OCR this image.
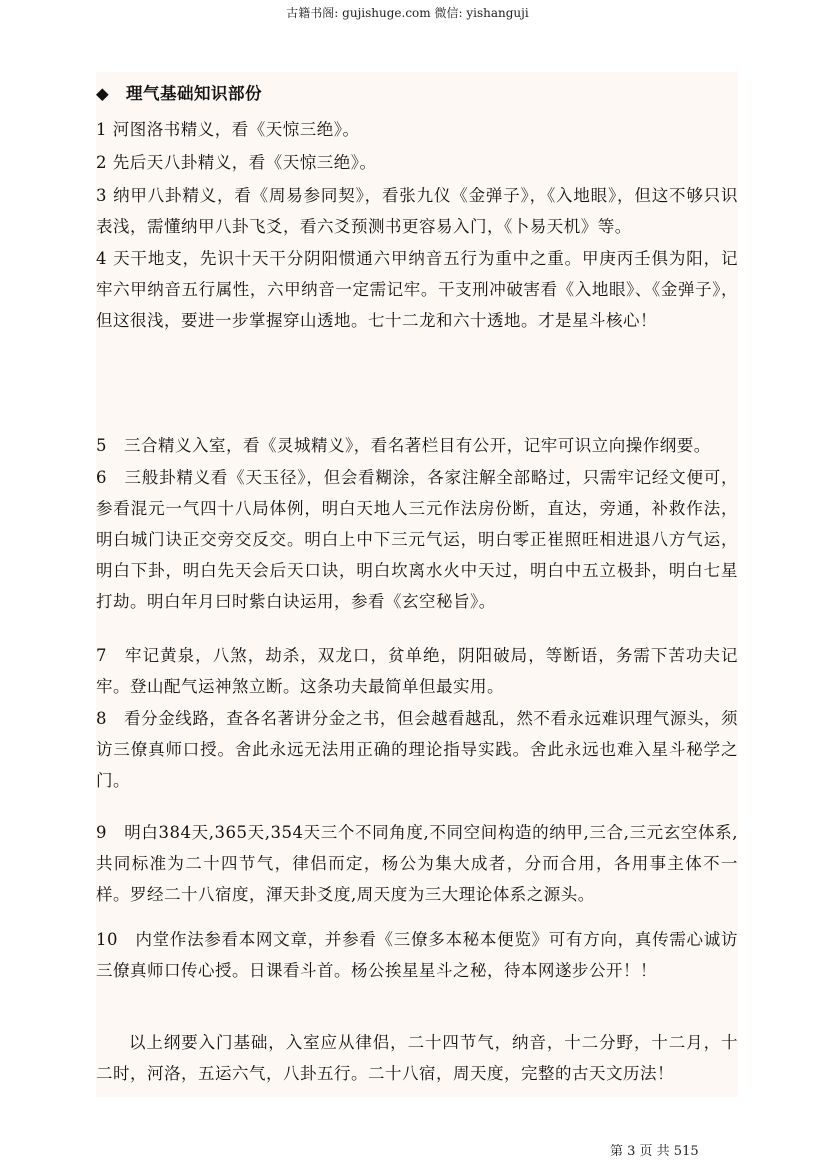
古籍书阁: gujishuge.com 微信: yishanguji
◆ 理气基础知识部份
1 河图洛书精义，看《天惊三绝》。
2 先后天八卦精义，看《天惊三绝》。
3 纳甲八卦精义，看《周易参同契》，看张九仪《金弹子》，《入地眼》，但这不够只识表浅，需懂纳甲八卦飞爻，看六爻预测书更容易入门，《卜易天机》等。
4 天干地支，先识十天干分阴阳惯通六甲纳音五行为重中之重。甲庚丙壬俱为阳，记牢六甲纳音五行属性，六甲纳音一定需记牢。干支刑冲破害看《入地眼》、《金弹子》，但这很浅，要进一步掌握穿山透地。七十二龙和六十透地。才是星斗核心！
5　三合精义入室，看《灵城精义》，看名著栏目有公开，记牢可识立向操作纲要。
6　三般卦精义看《天玉径》，但会看糊涂，各家注解全部略过，只需牢记经文便可，参看混元一气四十八局体例，明白天地人三元作法房份断，直达，旁通，补救作法，明白城门诀正交旁交反交。明白上中下三元气运，明白零正崔照旺相进退八方气运，明白下卦，明白先天会后天口诀，明白坎离水火中天过，明白中五立极卦，明白七星打劫。明白年月曰时紫白诀运用，参看《玄空秘旨》。
7　牢记黄泉，八煞，劫杀，双龙口，贫单绝，阴阳破局，等断语，务需下苦功夫记牢。登山配气运神煞立断。这条功夫最简单但最实用。
8　看分金线路，查各名著讲分金之书，但会越看越乱，然不看永远难识理气源头，须访三僚真师口授。舍此永远无法用正确的理论指导实践。舍此永远也难入星斗秘学之门。
9　明白384天,365天,354天三个不同角度,不同空间构造的纳甲,三合,三元玄空体系,共同标准为二十四节气，律侣而定，杨公为集大成者，分而合用，各用事主体不一样。罗经二十八宿度，渾天卦爻度,周天度为三大理论体系之源头。
10　内堂作法参看本网文章，并参看《三僚多本秘本便览》可有方向，真传需心诚访三僚真师口传心授。日课看斗首。杨公挨星星斗之秘，待本网遂步公开！！
以上纲要入门基础，入室应从律侣，二十四节气，纳音，十二分野，十二月，十二时，河洛，五运六气，八卦五行。二十八宿，周天度，完整的古天文历法！
第 3 页 共 515
